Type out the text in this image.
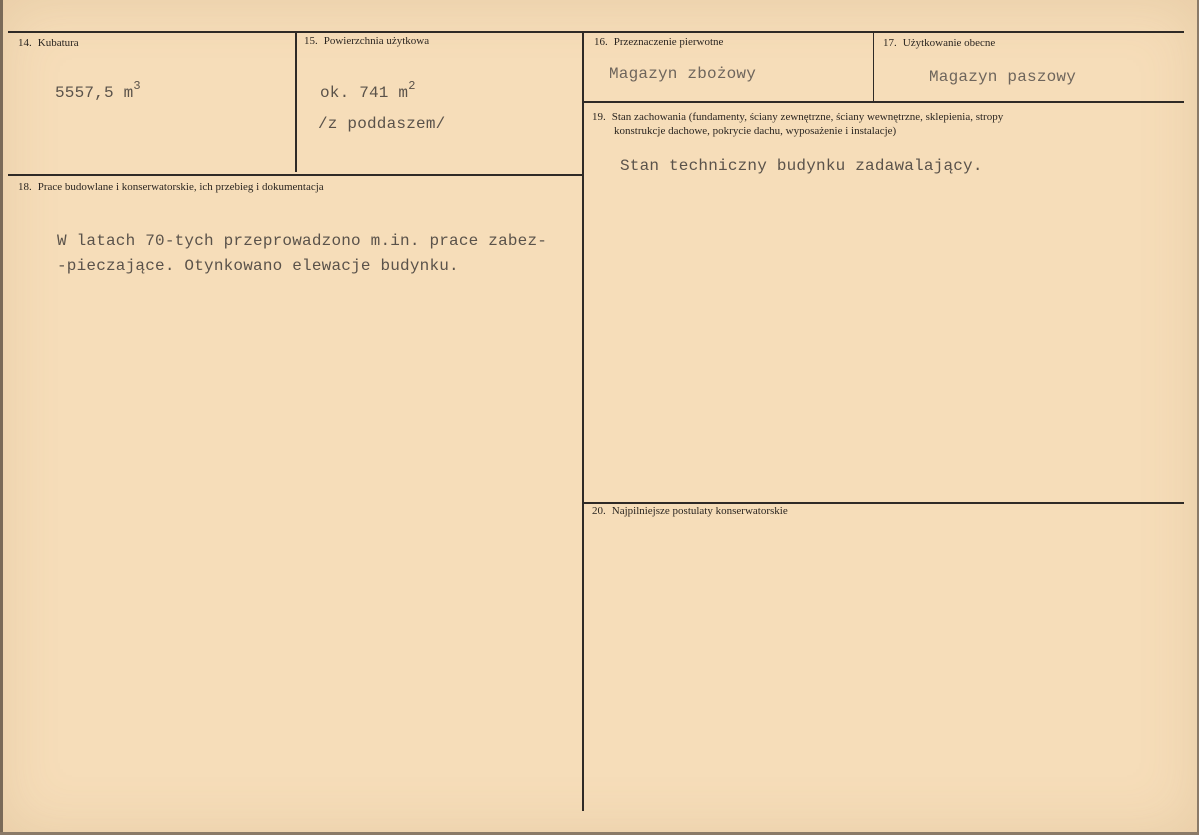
14. Kubatura
5557,5 $m^3$
15. Powierzchnia użytkowa
ok. 741 $m^2$
/z poddaszem/
16. Przeznaczenie pierwotne
Magazyn zbożowy
17. Użytkowanie obecne
Magazyn paszowy
19. Stan zachowania (fundamenty, ściany zewnętrzne, ściany wewnętrzne, sklepienia, stropy
konstrukcje dachowe, pokrycie dachu, wyposażenie i instalacje)
Stan techniczny budynku zadawalający.
18. Prace budowlane i konserwatorskie, ich przebieg i dokumentacja
W latach 70-tych przeprowadzono m.in. prace zabez-
-pieczające. Otynkowano elewacje budynku.
20. Najpilniejsze postulaty konserwatorskie
